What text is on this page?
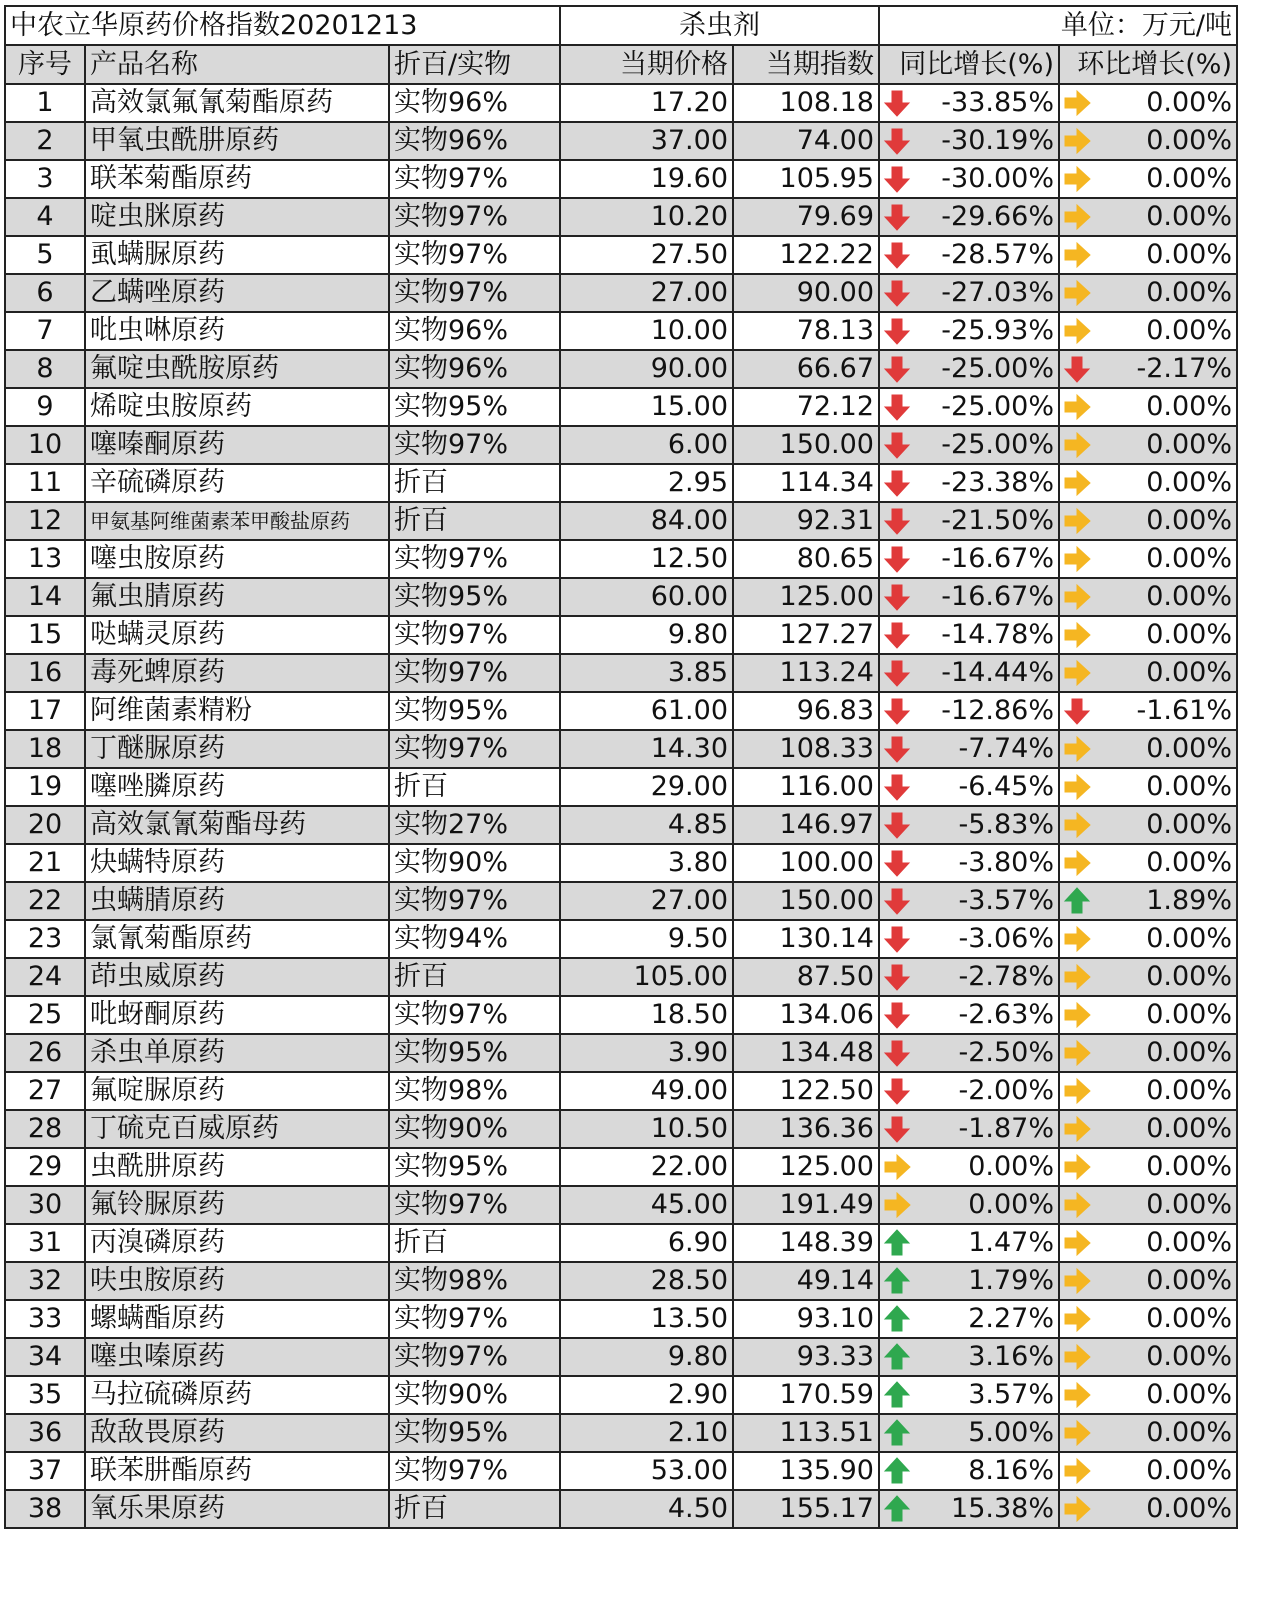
中农立华原药价格指数20201213			杀虫剂		单位：万元/吨	
序号	产品名称	折百/实物	当期价格	当期指数	同比增长(%)	环比增长(%)
1	高效氯氟氰菊酯原药	实物96%	17.20	108.18	-33.85%	0.00%

2	甲氧虫酰肼原药	实物96%	37.00	74.00	-30.19%	0.00%

3	联苯菊酯原药	实物97%	19.60	105.95	-30.00%	0.00%

4	啶虫脒原药	实物97%	10.20	79.69	-29.66%	0.00%

5	虱螨脲原药	实物97%	27.50	122.22	-28.57%	0.00%

6	乙螨唑原药	实物97%	27.00	90.00	-27.03%	0.00%

7	吡虫啉原药	实物96%	10.00	78.13	-25.93%	0.00%

8	氟啶虫酰胺原药	实物96%	90.00	66.67	-25.00%	-2.17%

9	烯啶虫胺原药	实物95%	15.00	72.12	-25.00%	0.00%

10	噻嗪酮原药	实物97%	6.00	150.00	-25.00%	0.00%

11	辛硫磷原药	折百	2.95	114.34	-23.38%	0.00%

12	甲氨基阿维菌素苯甲酸盐原药	折百	84.00	92.31	-21.50%	0.00%

13	噻虫胺原药	实物97%	12.50	80.65	-16.67%	0.00%

14	氟虫腈原药	实物95%	60.00	125.00	-16.67%	0.00%

15	哒螨灵原药	实物97%	9.80	127.27	-14.78%	0.00%

16	毒死蜱原药	实物97%	3.85	113.24	-14.44%	0.00%

17	阿维菌素精粉	实物95%	61.00	96.83	-12.86%	-1.61%

18	丁醚脲原药	实物97%	14.30	108.33	-7.74%	0.00%

19	噻唑膦原药	折百	29.00	116.00	-6.45%	0.00%

20	高效氯氰菊酯母药	实物27%	4.85	146.97	-5.83%	0.00%

21	炔螨特原药	实物90%	3.80	100.00	-3.80%	0.00%

22	虫螨腈原药	实物97%	27.00	150.00	-3.57%	1.89%

23	氯氰菊酯原药	实物94%	9.50	130.14	-3.06%	0.00%

24	茚虫威原药	折百	105.00	87.50	-2.78%	0.00%

25	吡蚜酮原药	实物97%	18.50	134.06	-2.63%	0.00%

26	杀虫单原药	实物95%	3.90	134.48	-2.50%	0.00%

27	氟啶脲原药	实物98%	49.00	122.50	-2.00%	0.00%

28	丁硫克百威原药	实物90%	10.50	136.36	-1.87%	0.00%

29	虫酰肼原药	实物95%	22.00	125.00	0.00%	0.00%

30	氟铃脲原药	实物97%	45.00	191.49	0.00%	0.00%

31	丙溴磷原药	折百	6.90	148.39	1.47%	0.00%

32	呋虫胺原药	实物98%	28.50	49.14	1.79%	0.00%

33	螺螨酯原药	实物97%	13.50	93.10	2.27%	0.00%

34	噻虫嗪原药	实物97%	9.80	93.33	3.16%	0.00%

35	马拉硫磷原药	实物90%	2.90	170.59	3.57%	0.00%

36	敌敌畏原药	实物95%	2.10	113.51	5.00%	0.00%

37	联苯肼酯原药	实物97%	53.00	135.90	8.16%	0.00%

38	氧乐果原药	折百	4.50	155.17	15.38%	0.00%
